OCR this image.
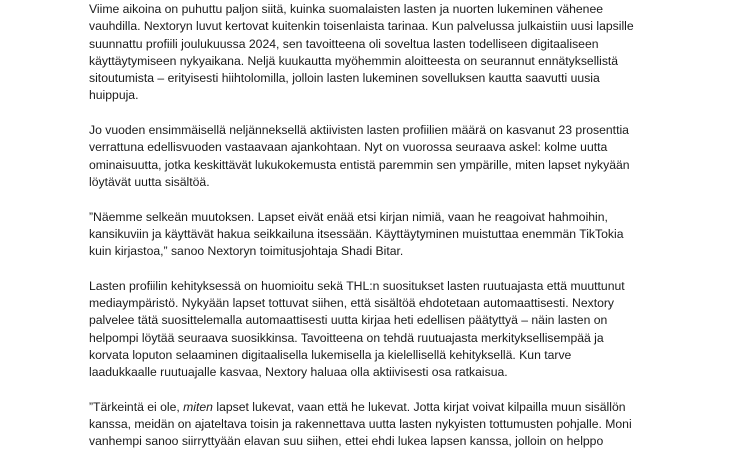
Viime aikoina on puhuttu paljon siitä, kuinka suomalaisten lasten ja nuorten lukeminen vähenee
vauhdilla. Nextoryn luvut kertovat kuitenkin toisenlaista tarinaa. Kun palvelussa julkaistiin uusi lapsille
suunnattu profiili joulukuussa 2024, sen tavoitteena oli soveltua lasten todelliseen digitaaliseen
käyttäytymiseen nykyaikana. Neljä kuukautta myöhemmin aloitteesta on seurannut ennätyksellistä
sitoutumista – erityisesti hiihtolomilla, jolloin lasten lukeminen sovelluksen kautta saavutti uusia
huippuja.

Jo vuoden ensimmäisellä neljänneksellä aktiivisten lasten profiilien määrä on kasvanut 23 prosenttia
verrattuna edellisvuoden vastaavaan ajankohtaan. Nyt on vuorossa seuraava askel: kolme uutta
ominaisuutta, jotka keskittävät lukukokemusta entistä paremmin sen ympärille, miten lapset nykyään
löytävät uutta sisältöä.

”Näemme selkeän muutoksen. Lapset eivät enää etsi kirjan nimiä, vaan he reagoivat hahmoihin,
kansikuviin ja käyttävät hakua seikkailuna itsessään. Käyttäytyminen muistuttaa enemmän TikTokia
kuin kirjastoa,” sanoo Nextoryn toimitusjohtaja Shadi Bitar.

Lasten profiilin kehityksessä on huomioitu sekä THL:n suositukset lasten ruutuajasta että muuttunut
mediaympäristö. Nykyään lapset tottuvat siihen, että sisältöä ehdotetaan automaattisesti. Nextory
palvelee tätä suosittelemalla automaattisesti uutta kirjaa heti edellisen päätyttyä – näin lasten on
helpompi löytää seuraava suosikkinsa. Tavoitteena on tehdä ruutuajasta merkityksellisempää ja
korvata loputon selaaminen digitaalisella lukemisella ja kielellisellä kehityksellä. Kun tarve
laadukkaalle ruutuajalle kasvaa, Nextory haluaa olla aktiivisesti osa ratkaisua.

”Tärkeintä ei ole, miten lapset lukevat, vaan että he lukevat. Jotta kirjat voivat kilpailla muun sisällön
kanssa, meidän on ajateltava toisin ja rakennettava uutta lasten nykyisten tottumusten pohjalle. Moni
vanhempi sanoo siirryttyään elavan suu siihen, ettei ehdi lukea lapsen kanssa, jolloin on helppo
